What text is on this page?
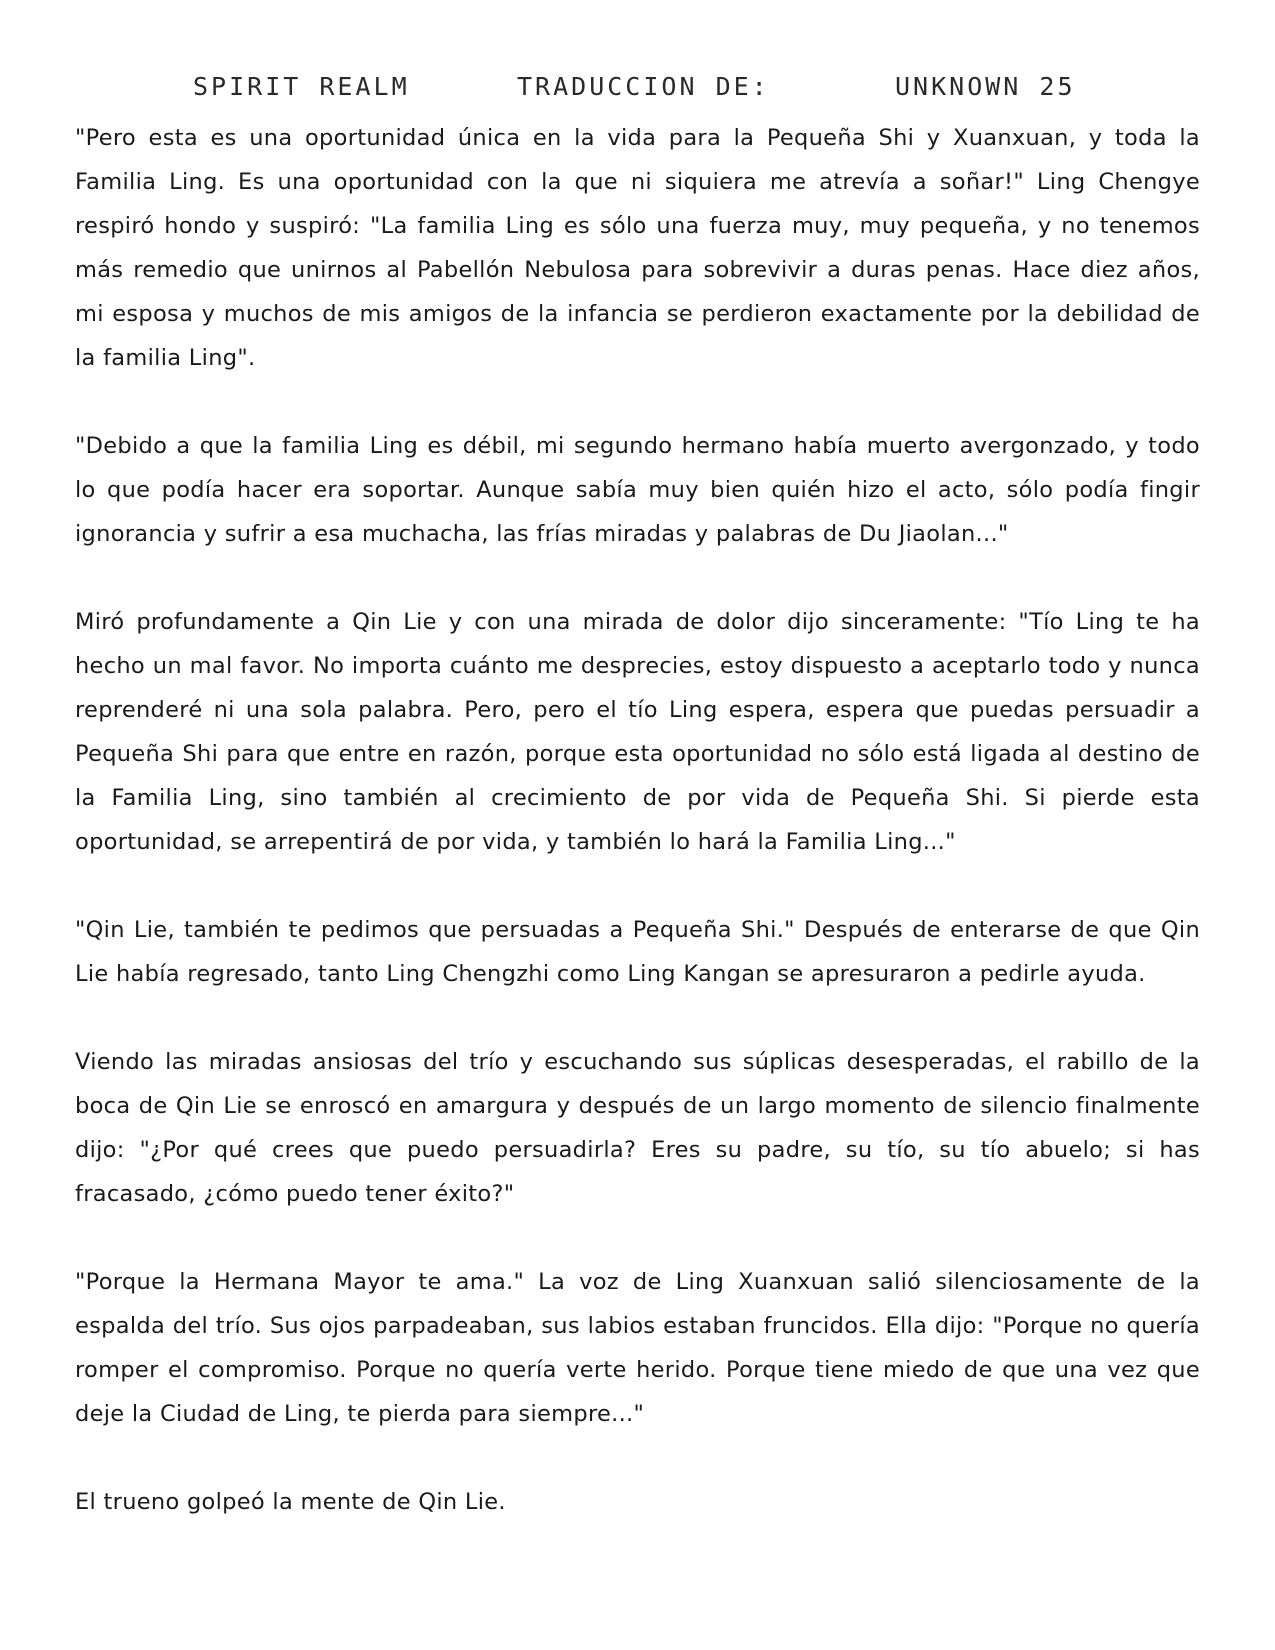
SPIRIT REALM	TRADUCCION DE:	UNKNOWN 25

"Pero esta es una oportunidad única en la vida para la Pequeña Shi y Xuanxuan, y toda la Familia Ling. Es una oportunidad con la que ni siquiera me atrevía a soñar!" Ling Chengye respiró hondo y suspiró: "La familia Ling es sólo una fuerza muy, muy pequeña, y no tenemos más remedio que unirnos al Pabellón Nebulosa para sobrevivir a duras penas. Hace diez años, mi esposa y muchos de mis amigos de la infancia se perdieron exactamente por la debilidad de la familia Ling".

"Debido a que la familia Ling es débil, mi segundo hermano había muerto avergonzado, y todo lo que podía hacer era soportar. Aunque sabía muy bien quién hizo el acto, sólo podía fingir ignorancia y sufrir a esa muchacha, las frías miradas y palabras de Du Jiaolan..."

Miró profundamente a Qin Lie y con una mirada de dolor dijo sinceramente: "Tío Ling te ha hecho un mal favor. No importa cuánto me desprecies, estoy dispuesto a aceptarlo todo y nunca reprenderé ni una sola palabra. Pero, pero el tío Ling espera, espera que puedas persuadir a Pequeña Shi para que entre en razón, porque esta oportunidad no sólo está ligada al destino de la Familia Ling, sino también al crecimiento de por vida de Pequeña Shi. Si pierde esta oportunidad, se arrepentirá de por vida, y también lo hará la Familia Ling..."

"Qin Lie, también te pedimos que persuadas a Pequeña Shi." Después de enterarse de que Qin Lie había regresado, tanto Ling Chengzhi como Ling Kangan se apresuraron a pedirle ayuda.

Viendo las miradas ansiosas del trío y escuchando sus súplicas desesperadas, el rabillo de la boca de Qin Lie se enroscó en amargura y después de un largo momento de silencio finalmente dijo: "¿Por qué crees que puedo persuadirla? Eres su padre, su tío, su tío abuelo; si has fracasado, ¿cómo puedo tener éxito?"

"Porque la Hermana Mayor te ama." La voz de Ling Xuanxuan salió silenciosamente de la espalda del trío. Sus ojos parpadeaban, sus labios estaban fruncidos. Ella dijo: "Porque no quería romper el compromiso. Porque no quería verte herido. Porque tiene miedo de que una vez que deje la Ciudad de Ling, te pierda para siempre..."

El trueno golpeó la mente de Qin Lie.
